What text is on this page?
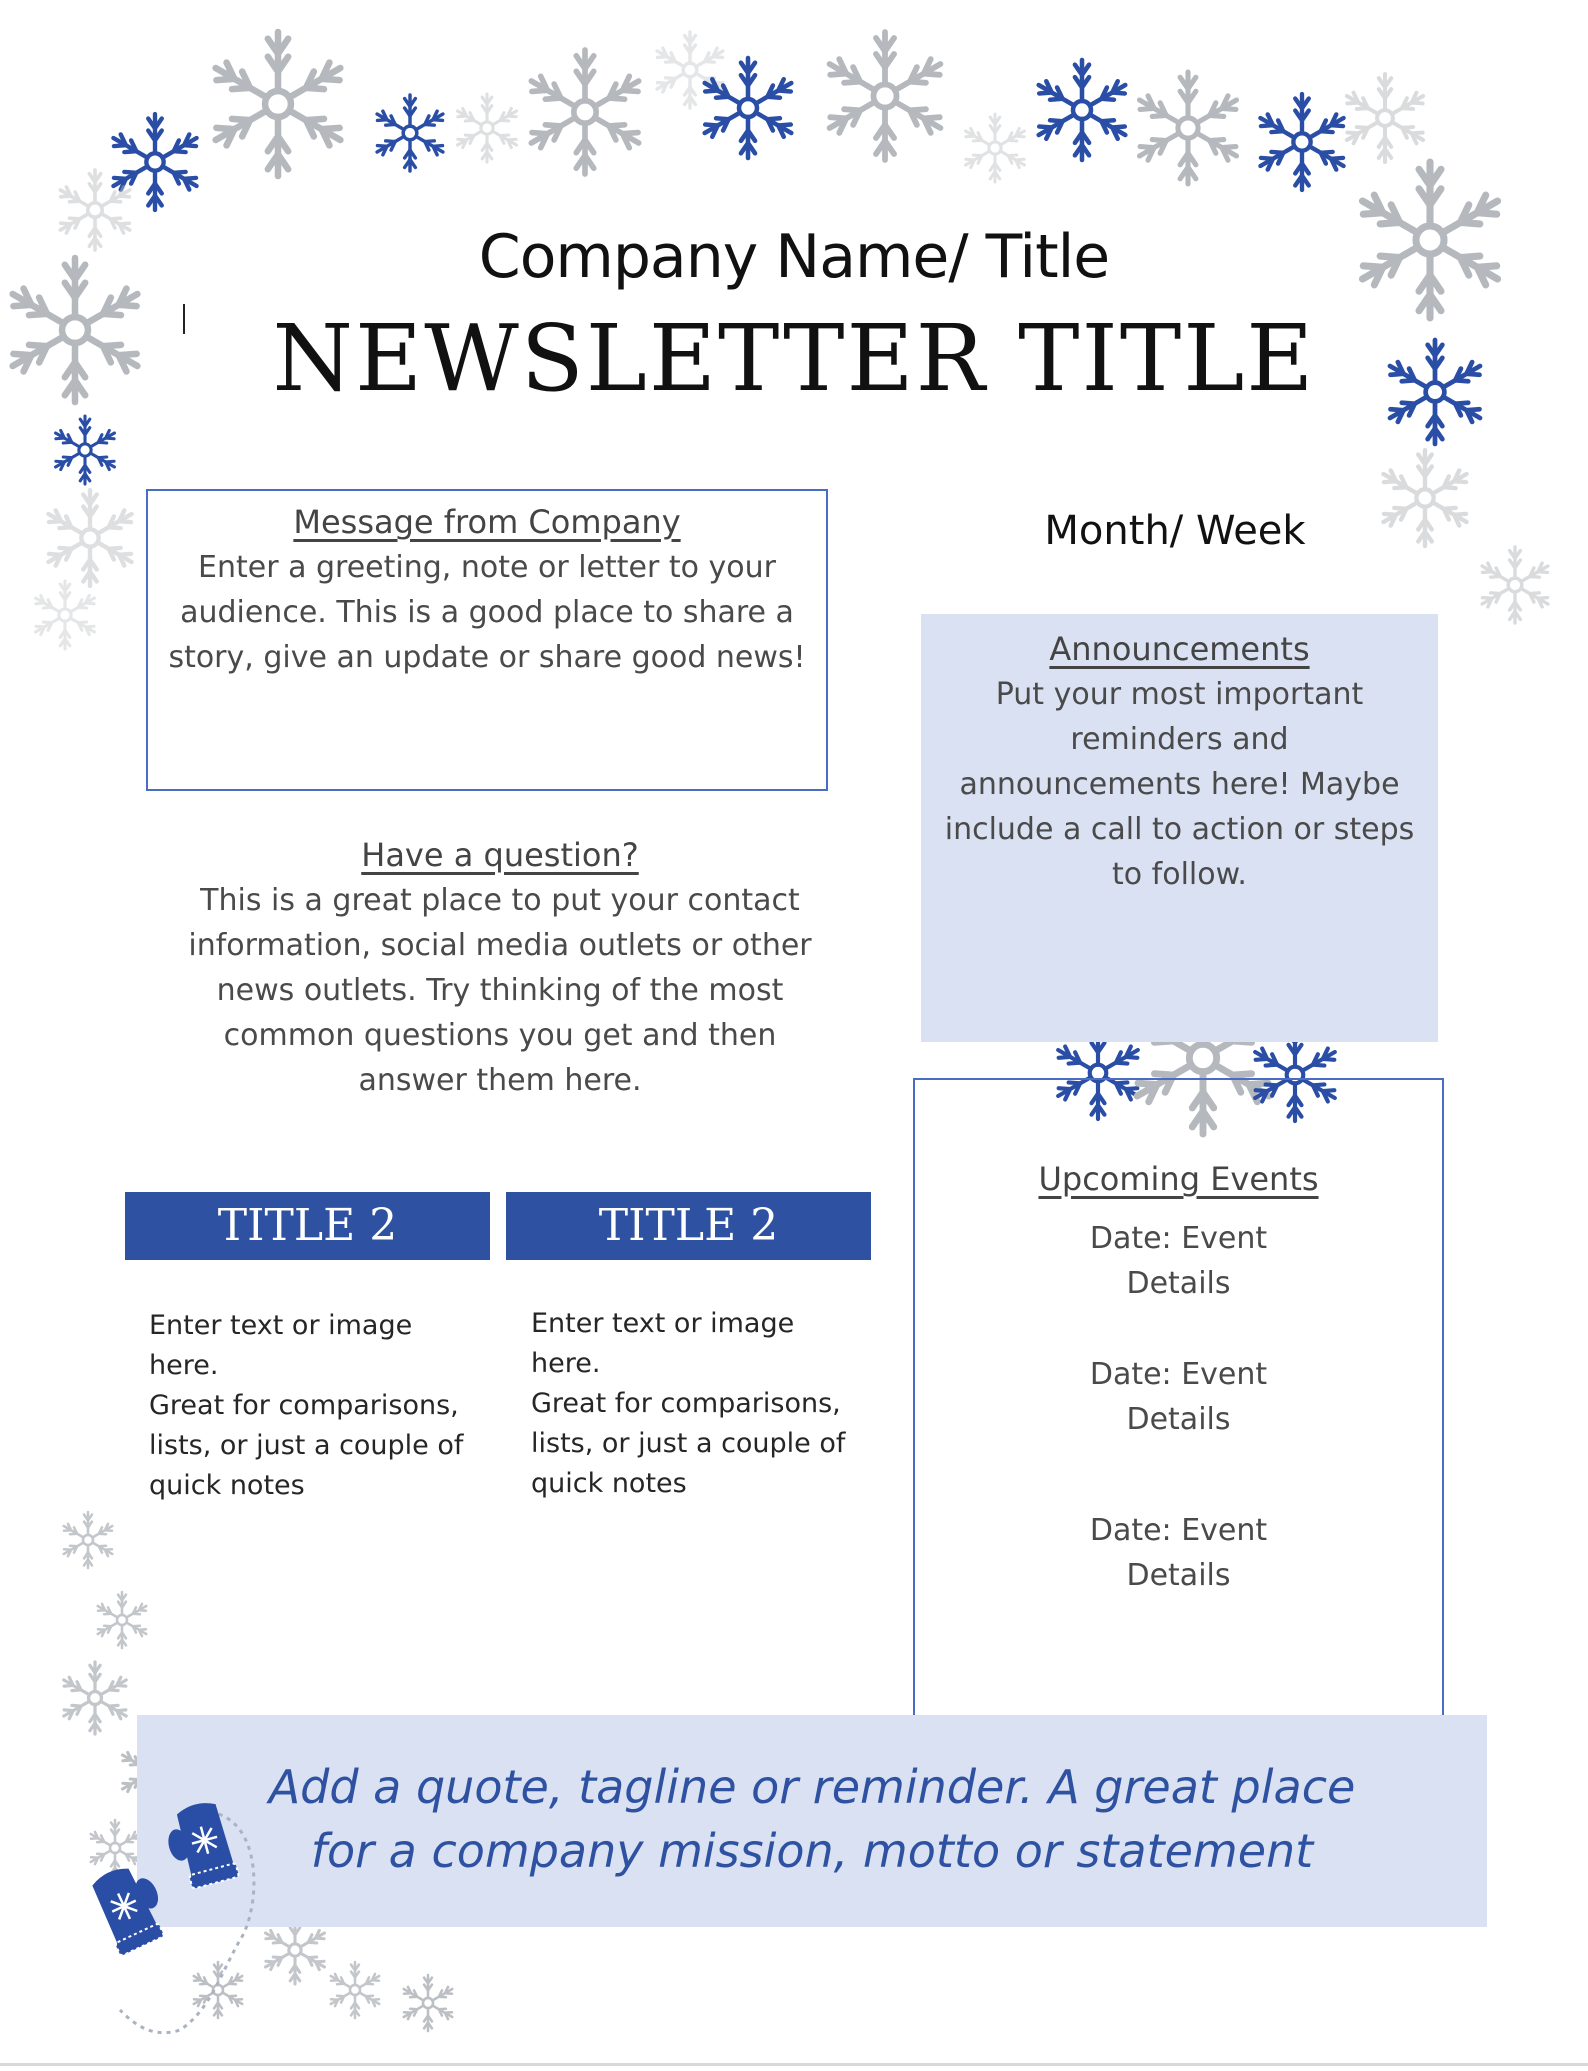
Company Name/ Title
NEWSLETTER TITLE
Message from Company

Enter a greeting, note or letter to your

audience. This is a good place to share a

story, give an update or share good news!

Have a question?

This is a great place to put your contact

information, social media outlets or other

news outlets. Try thinking of the most

common questions you get and then

answer them here.

Month/ Week
Announcements

Put your most important

reminders and

announcements here! Maybe

include a call to action or steps

to follow.

Upcoming Events
Date: Event
Details
Date: Event
Details
Date: Event
Details
TITLE 2	TITLE 2
Enter text or image here.
Great for comparisons,
lists, or just a couple of
quick notes
Enter text or image here.
Great for comparisons,
lists, or just a couple of
quick notes
Add a quote, tagline or reminder. A great place
for a company mission, motto or statement
